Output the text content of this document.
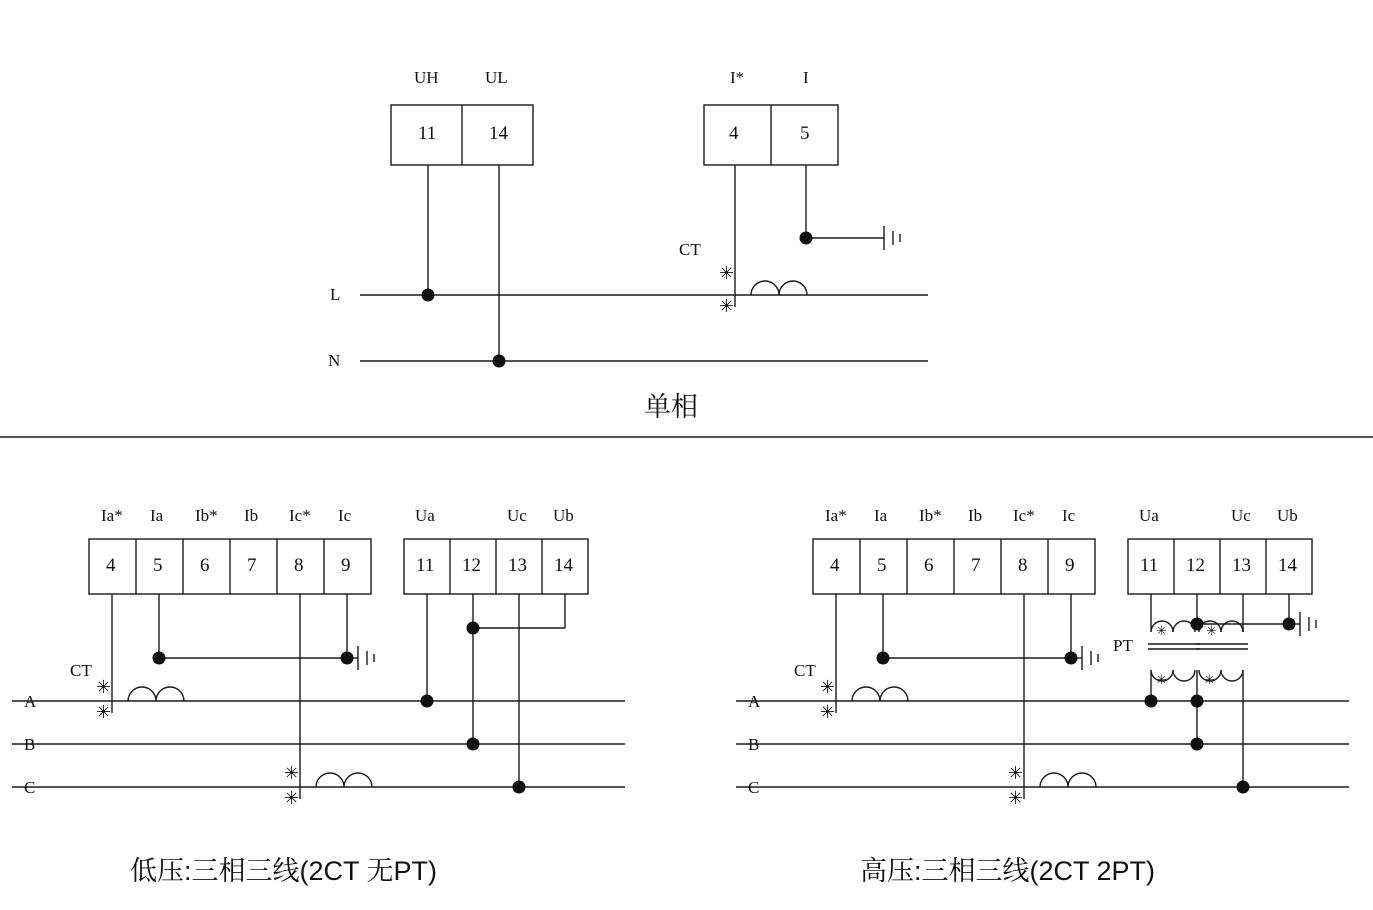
UH	UL
11	14
I*	I
4	5
L
N
CT
✳
✳
单相
Ia* Ia Ib* Ib Ic* Ic
4 5 6 7 8 9
Ua	Uc Ub
11 12 13 14
A
B
C
CT
✳
✳
✳
✳
低压:三相三线(2CT 无PT)
Ia* Ia Ib* Ib Ic* Ic
4 5 6 7 8 9
Ua	Uc Ub
11 12 13 14
A
B
C
CT
PT
✳
✳
✳
✳
✳	✳
✳	✳
高压:三相三线(2CT 2PT)
